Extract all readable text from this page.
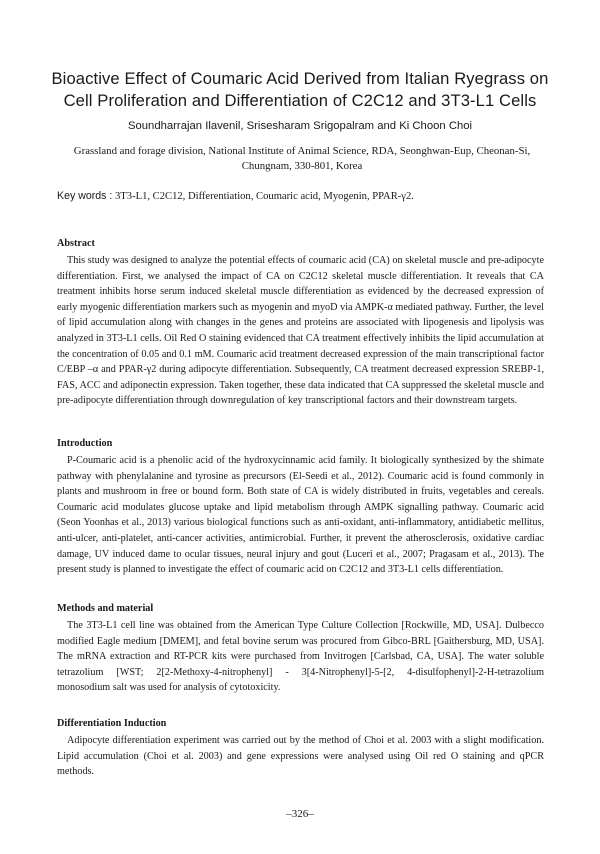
Bioactive Effect of Coumaric Acid Derived from Italian Ryegrass on
Cell Proliferation and Differentiation of C2C12 and 3T3-L1 Cells
Soundharrajan Ilavenil, Srisesharam Srigopalram and Ki Choon Choi
Grassland and forage division, National Institute of Animal Science, RDA, Seonghwan-Eup, Cheonan-Si,
Chungnam, 330-801, Korea
Key words : 3T3-L1, C2C12, Differentiation, Coumaric acid, Myogenin, PPAR-γ2.
Abstract

This study was designed to analyze the potential effects of coumaric acid (CA) on skeletal muscle and pre-adipocyte differentiation. First, we analysed the impact of CA on C2C12 skeletal muscle differentiation. It reveals that CA treatment inhibits horse serum induced skeletal muscle differentiation as evidenced by the decreased expression of early myogenic differentiation markers such as myogenin and myoD via AMPK-α mediated pathway. Further, the level of lipid accumulation along with changes in the genes and proteins are associated with lipogenesis and lipolysis was analyzed in 3T3-L1 cells. Oil Red O staining evidenced that CA treatment effectively inhibits the lipid accumulation at the concentration of 0.05 and 0.1 mM. Coumaric acid treatment decreased expression of the main transcriptional factor C/EBP –α and PPAR-γ2 during adipocyte differentiation. Subsequently, CA treatment decreased expression SREBP-1, FAS, ACC and adiponectin expression. Taken together, these data indicated that CA suppressed the skeletal muscle and pre-adipocyte differentiation through downregulation of key transcriptional factors and their downstream targets.

Introduction

P-Coumaric acid is a phenolic acid of the hydroxycinnamic acid family. It biologically synthesized by the shimate pathway with phenylalanine and tyrosine as precursors (El-Seedi et al., 2012). Coumaric acid is found commonly in plants and mushroom in free or bound form. Both state of CA is widely distributed in fruits, vegetables and cereals. Coumaric acid modulates glucose uptake and lipid metabolism through AMPK signalling pathway. Coumaric acid (Seon Yoonhas et al., 2013) various biological functions such as anti-oxidant, anti-inflammatory, antidiabetic mellitus, anti-ulcer, anti-platelet, anti-cancer activities, antimicrobial. Further, it prevent the atherosclerosis, oxidative cardiac damage, UV induced dame to ocular tissues, neural injury and gout (Luceri et al., 2007; Pragasam et al., 2013). The present study is planned to investigate the effect of coumaric acid on C2C12 and 3T3-L1 cells differentiation.

Methods and material

The 3T3-L1 cell line was obtained from the American Type Culture Collection [Rockwille, MD, USA]. Dulbecco modified Eagle medium [DMEM], and fetal bovine serum was procured from Gibco-BRL [Gaithersburg, MD, USA]. The mRNA extraction and RT-PCR kits were purchased from Invitrogen [Carlsbad, CA, USA]. The water soluble tetrazolium [WST; 2[2-Methoxy-4-nitrophenyl] - 3[4-Nitrophenyl]-5-[2, 4-disulfophenyl]-2-H-tetrazolium monosodium salt was used for analysis of cytotoxicity.

Differentiation Induction

Adipocyte differentiation experiment was carried out by the method of Choi et al. 2003 with a slight modification. Lipid accumulation (Choi et al. 2003) and gene expressions were analysed using Oil red O staining and qPCR methods.

–326–
